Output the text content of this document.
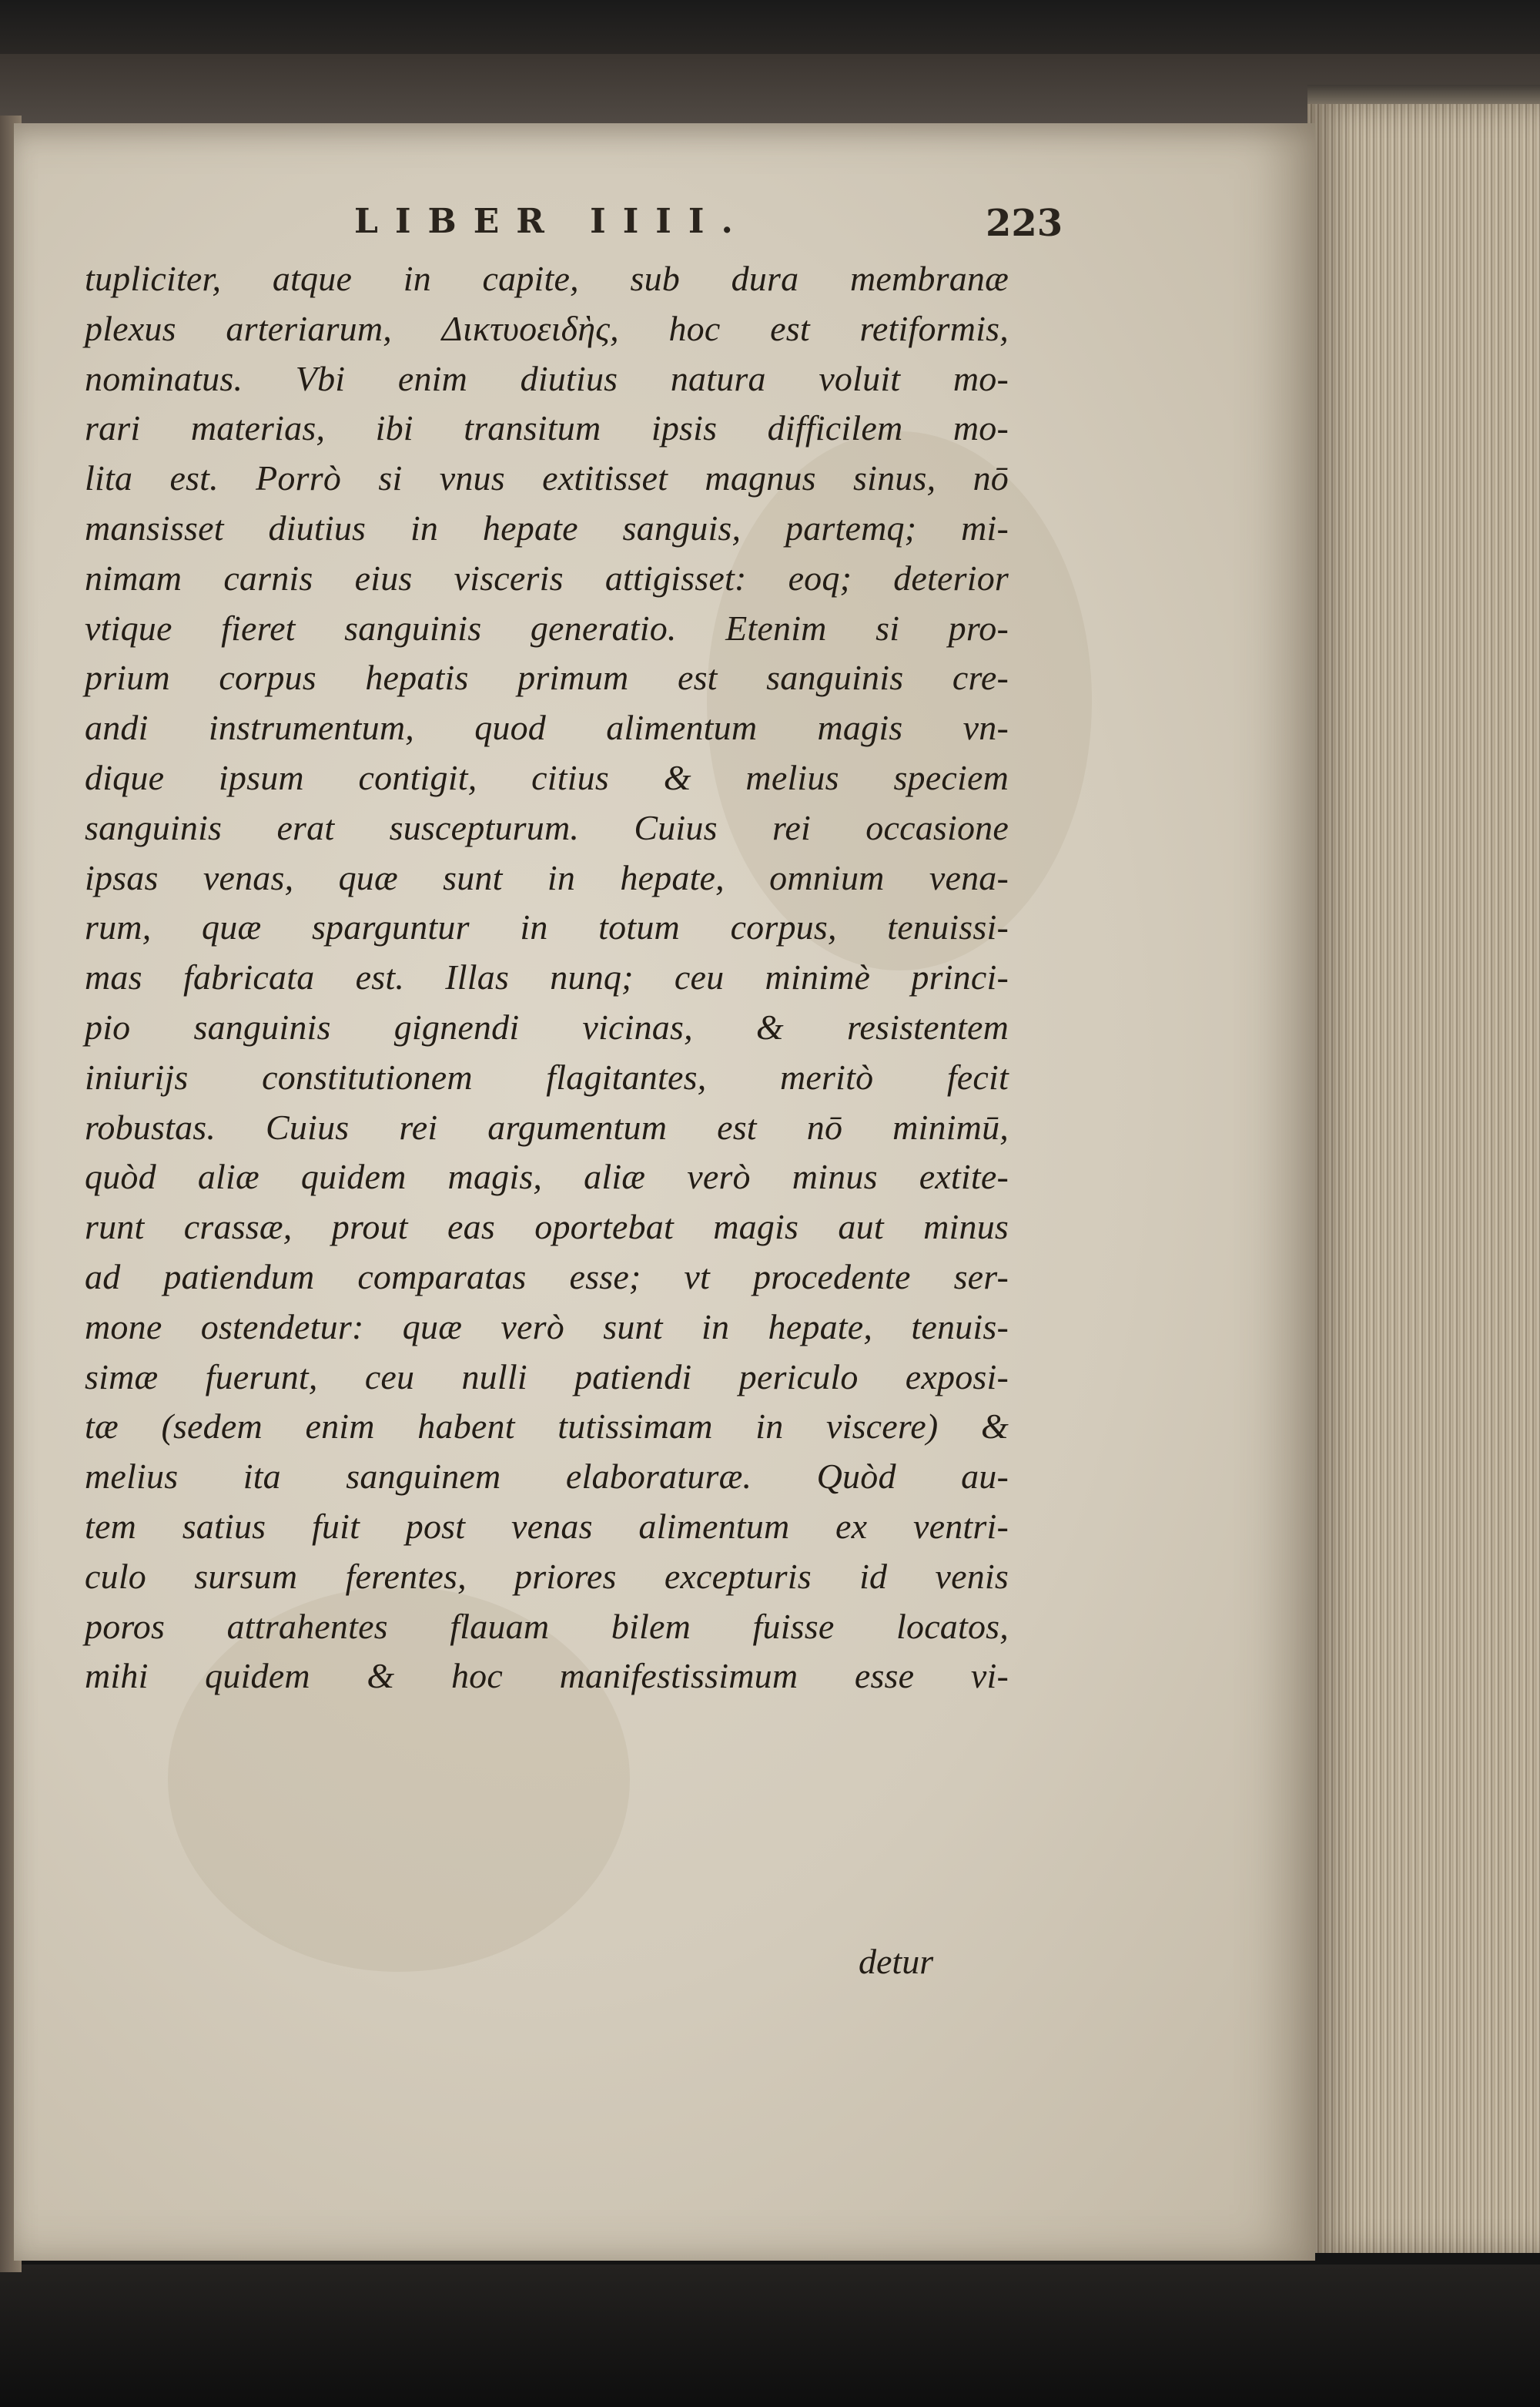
LIBER IIII.	223
tupliciter, atque in capite, sub dura membranæ
plexus arteriarum, Δικτυοειδὴς, hoc est retiformis,
nominatus. Vbi enim diutius natura voluit mo-
rari materias, ibi transitum ipsis difficilem mo-
lita est. Porrò si vnus extitisset magnus sinus, nō
mansisset diutius in hepate sanguis, partemq; mi-
nimam carnis eius visceris attigisset: eoq; deterior
vtique fieret sanguinis generatio. Etenim si pro-
prium corpus hepatis primum est sanguinis cre-
andi instrumentum, quod alimentum magis vn-
dique ipsum contigit, citius & melius speciem
sanguinis erat suscepturum. Cuius rei occasione
ipsas venas, quæ sunt in hepate, omnium vena-
rum, quæ sparguntur in totum corpus, tenuissi-
mas fabricata est. Illas nunq; ceu minimè princi-
pio sanguinis gignendi vicinas, & resistentem
iniurijs constitutionem flagitantes, meritò fecit
robustas. Cuius rei argumentum est nō minimū,
quòd aliæ quidem magis, aliæ verò minus extite-
runt crassæ, prout eas oportebat magis aut minus
ad patiendum comparatas esse; vt procedente ser-
mone ostendetur: quæ verò sunt in hepate, tenuis-
simæ fuerunt, ceu nulli patiendi periculo exposi-
tæ (sedem enim habent tutissimam in viscere) &
melius ita sanguinem elaboraturæ. Quòd au-
tem satius fuit post venas alimentum ex ventri-
culo sursum ferentes, priores excepturis id venis
poros attrahentes flauam bilem fuisse locatos,
mihi quidem & hoc manifestissimum esse vi-
detur
